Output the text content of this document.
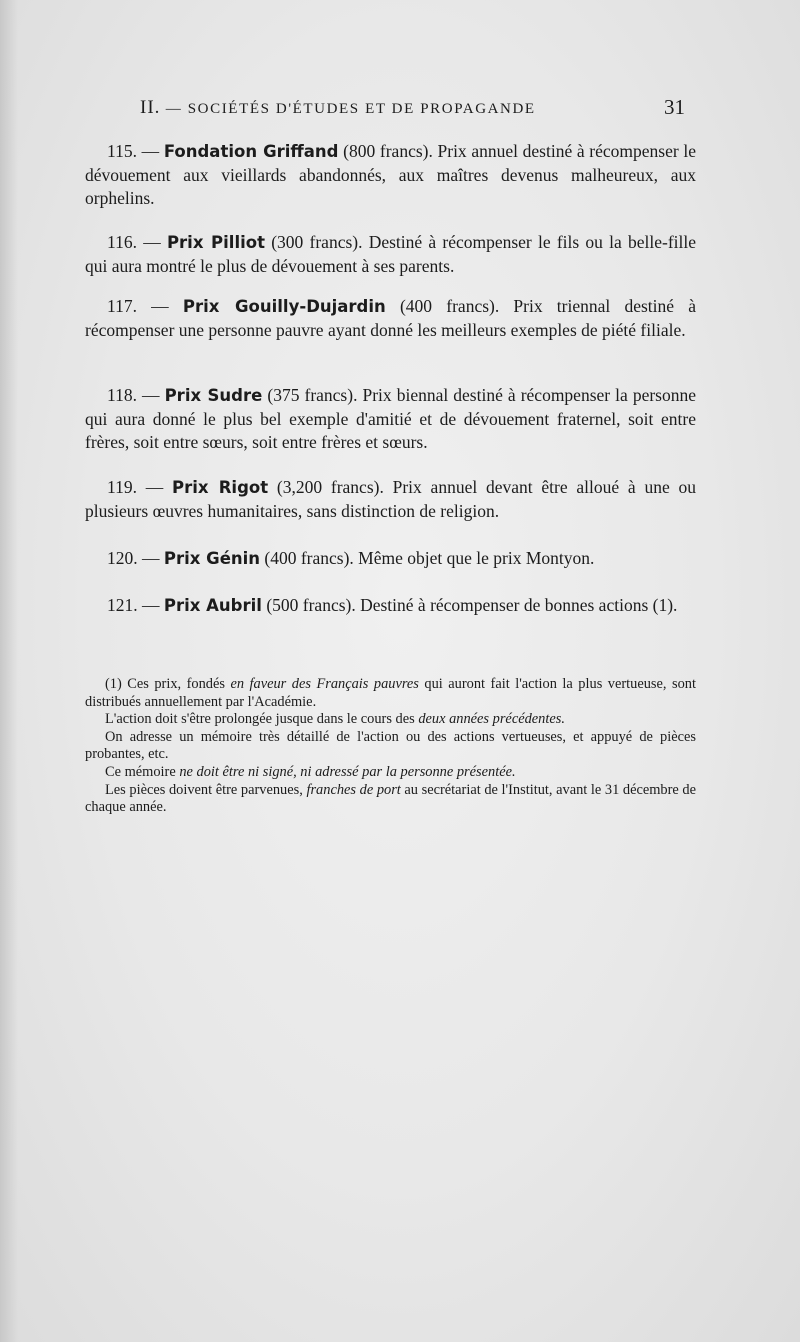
II. — SOCIÉTÉS D'ÉTUDES ET DE PROPAGANDE	31

115. — Fondation Griffand (800 francs). Prix annuel destiné à récompenser le dévouement aux vieillards abandonnés, aux maîtres devenus malheureux, aux orphelins.

116. — Prix Pilliot (300 francs). Destiné à récompenser le fils ou la belle-fille qui aura montré le plus de dévouement à ses parents.

117. — Prix Gouilly-Dujardin (400 francs). Prix triennal destiné à récompenser une personne pauvre ayant donné les meilleurs exemples de piété filiale.

118. — Prix Sudre (375 francs). Prix biennal destiné à récompenser la personne qui aura donné le plus bel exemple d'amitié et de dévouement fraternel, soit entre frères, soit entre sœurs, soit entre frères et sœurs.

119. — Prix Rigot (3,200 francs). Prix annuel devant être alloué à une ou plusieurs œuvres humanitaires, sans distinction de religion.

120. — Prix Génin (400 francs). Même objet que le prix Montyon.

121. — Prix Aubril (500 francs). Destiné à récompenser de bonnes actions (1).

(1) Ces prix, fondés en faveur des Français pauvres qui auront fait l'action la plus vertueuse, sont distribués annuellement par l'Académie.

L'action doit s'être prolongée jusque dans le cours des deux années précédentes.

On adresse un mémoire très détaillé de l'action ou des actions vertueuses, et appuyé de pièces probantes, etc.

Ce mémoire ne doit être ni signé, ni adressé par la personne présentée.

Les pièces doivent être parvenues, franches de port au secrétariat de l'Institut, avant le 31 décembre de chaque année.
